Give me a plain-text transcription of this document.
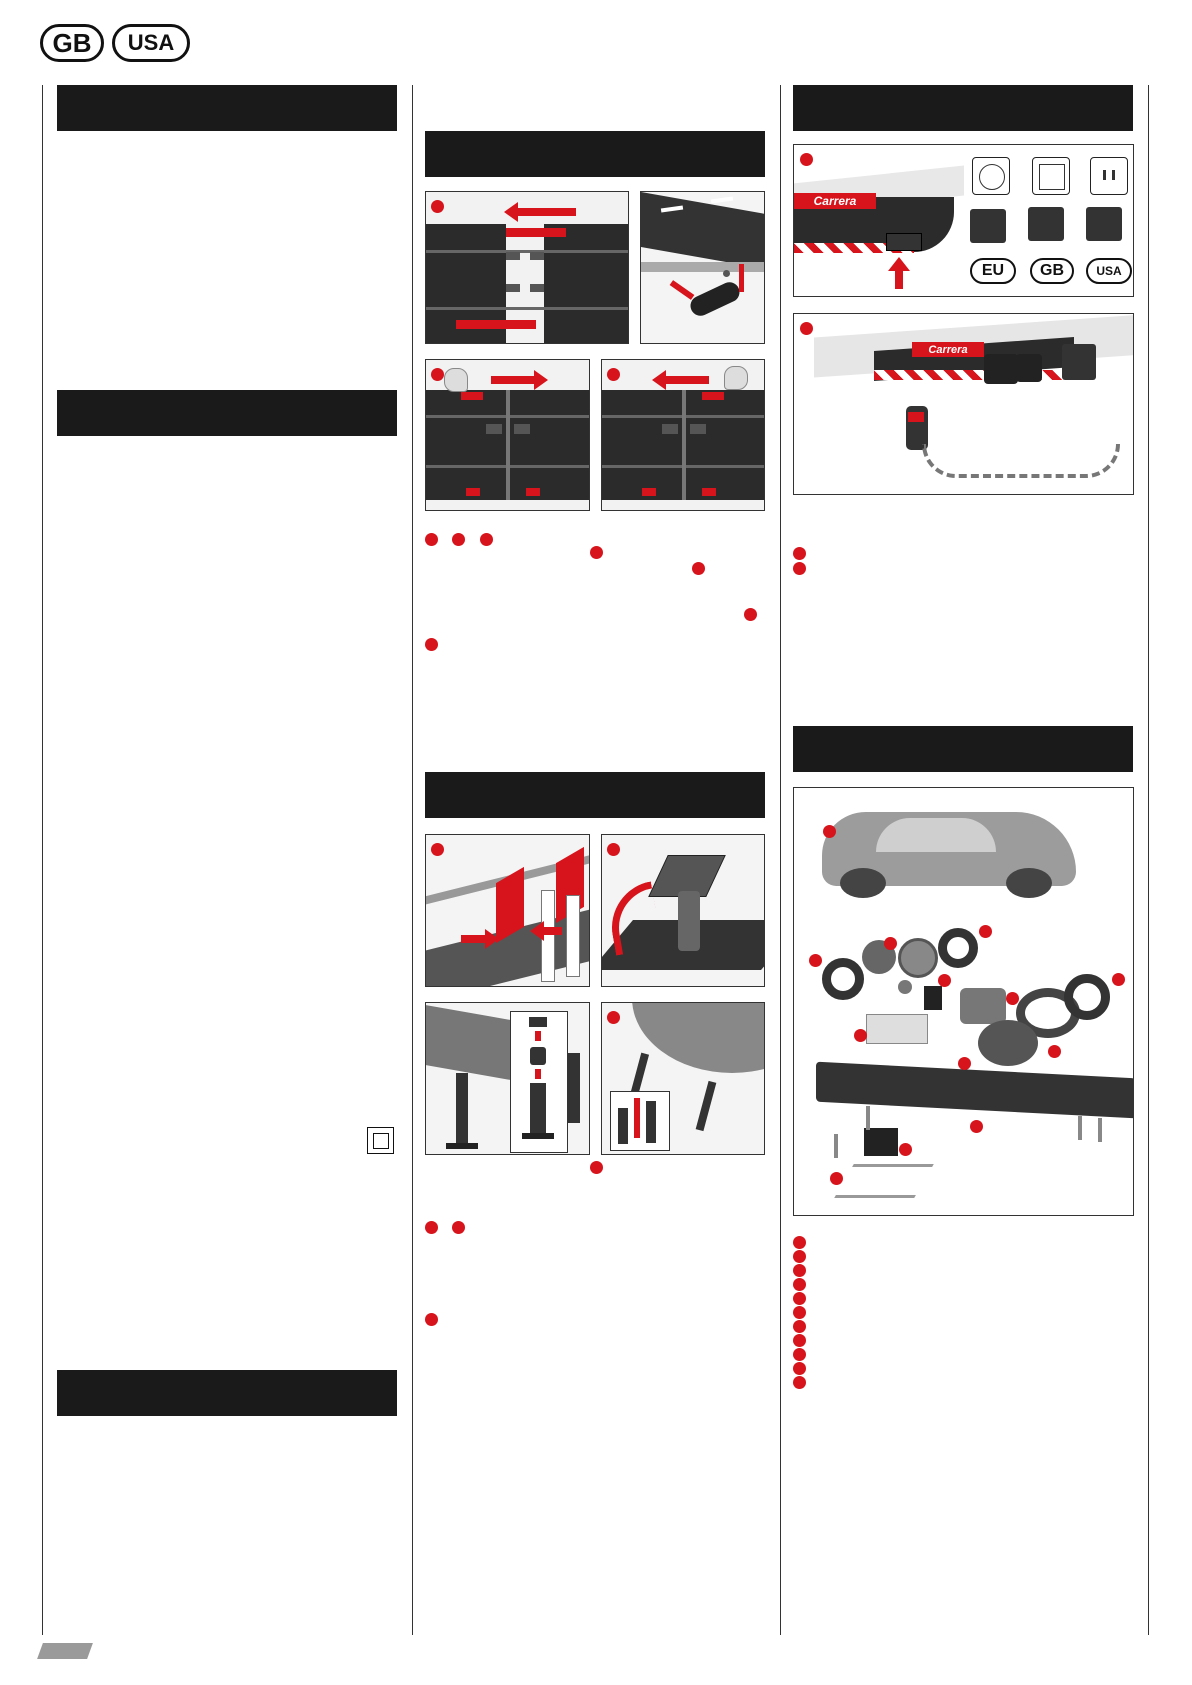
GB USA
Carrera
EU GB	USA
Carrera
